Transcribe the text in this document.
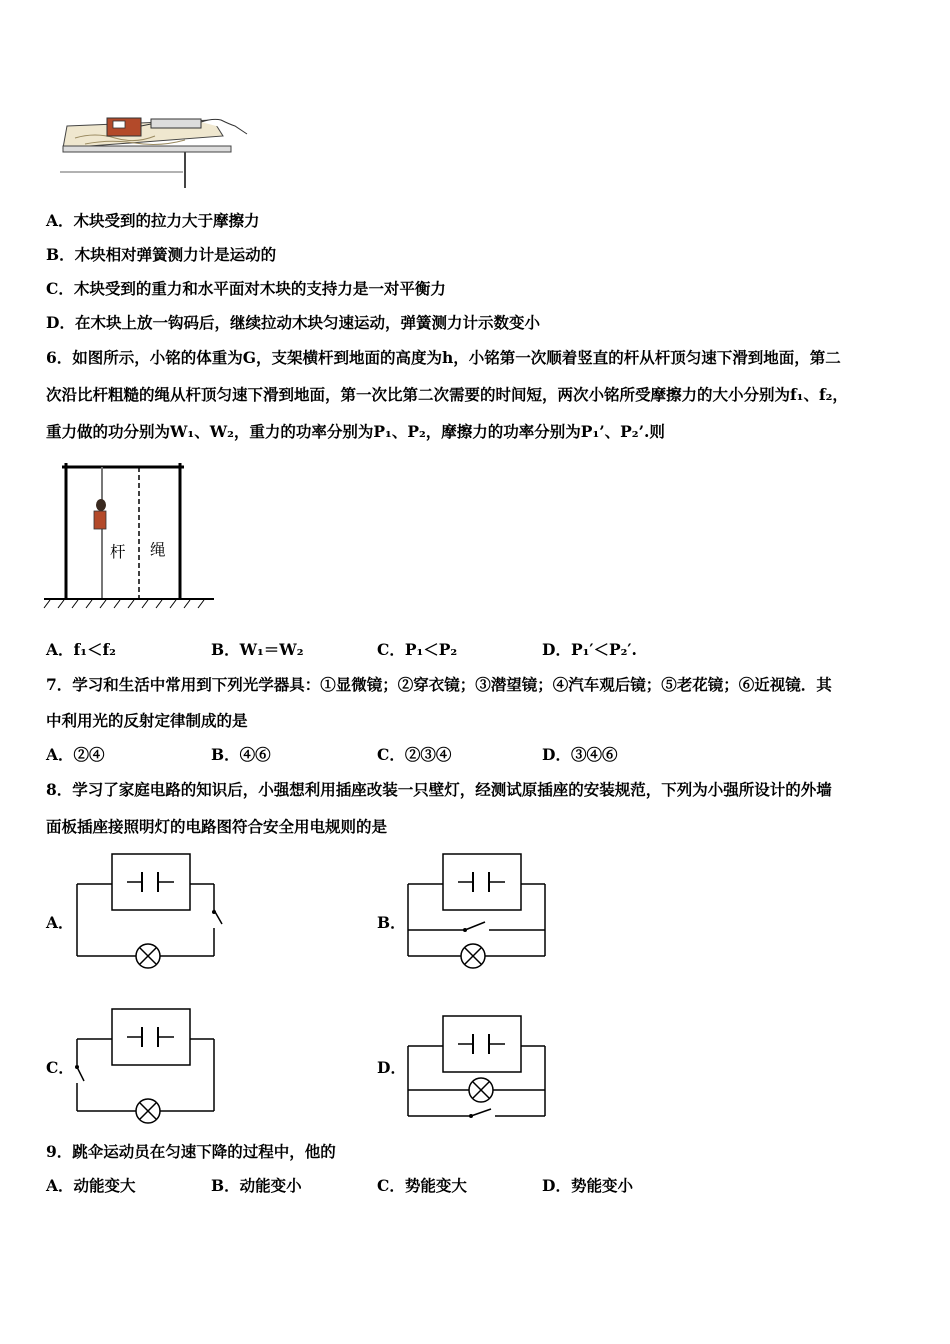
A．木块受到的拉力大于摩擦力
B．木块相对弹簧测力计是运动的
C．木块受到的重力和水平面对木块的支持力是一对平衡力
D．在木块上放一钩码后，继续拉动木块匀速运动，弹簧测力计示数变小
6．如图所示，小铭的体重为G，支架横杆到地面的高度为h，小铭第一次顺着竖直的杆从杆顶匀速下滑到地面，第二
次沿比杆粗糙的绳从杆顶匀速下滑到地面，第一次比第二次需要的时间短，两次小铭所受摩擦力的大小分别为f₁、f₂，
重力做的功分别为W₁、W₂，重力的功率分别为P₁、P₂，摩擦力的功率分别为P₁’、P₂’.则
杆 绳
A．f₁＜f₂	B．W₁＝W₂	C．P₁＜P₂	D．P₁′＜P₂′.
7．学习和生活中常用到下列光学器具：①显微镜；②穿衣镜；③潜望镜；④汽车观后镜；⑤老花镜；⑥近视镜．其
中利用光的反射定律制成的是
A．②④	B．④⑥	C．②③④	D．③④⑥
8．学习了家庭电路的知识后，小强想利用插座改装一只壁灯，经测试原插座的安装规范，下列为小强所设计的外墙
面板插座接照明灯的电路图符合安全用电规则的是
A．	B．
C．	D．
9．跳伞运动员在匀速下降的过程中，他的
A．动能变大	B．动能变小	C．势能变大	D．势能变小
